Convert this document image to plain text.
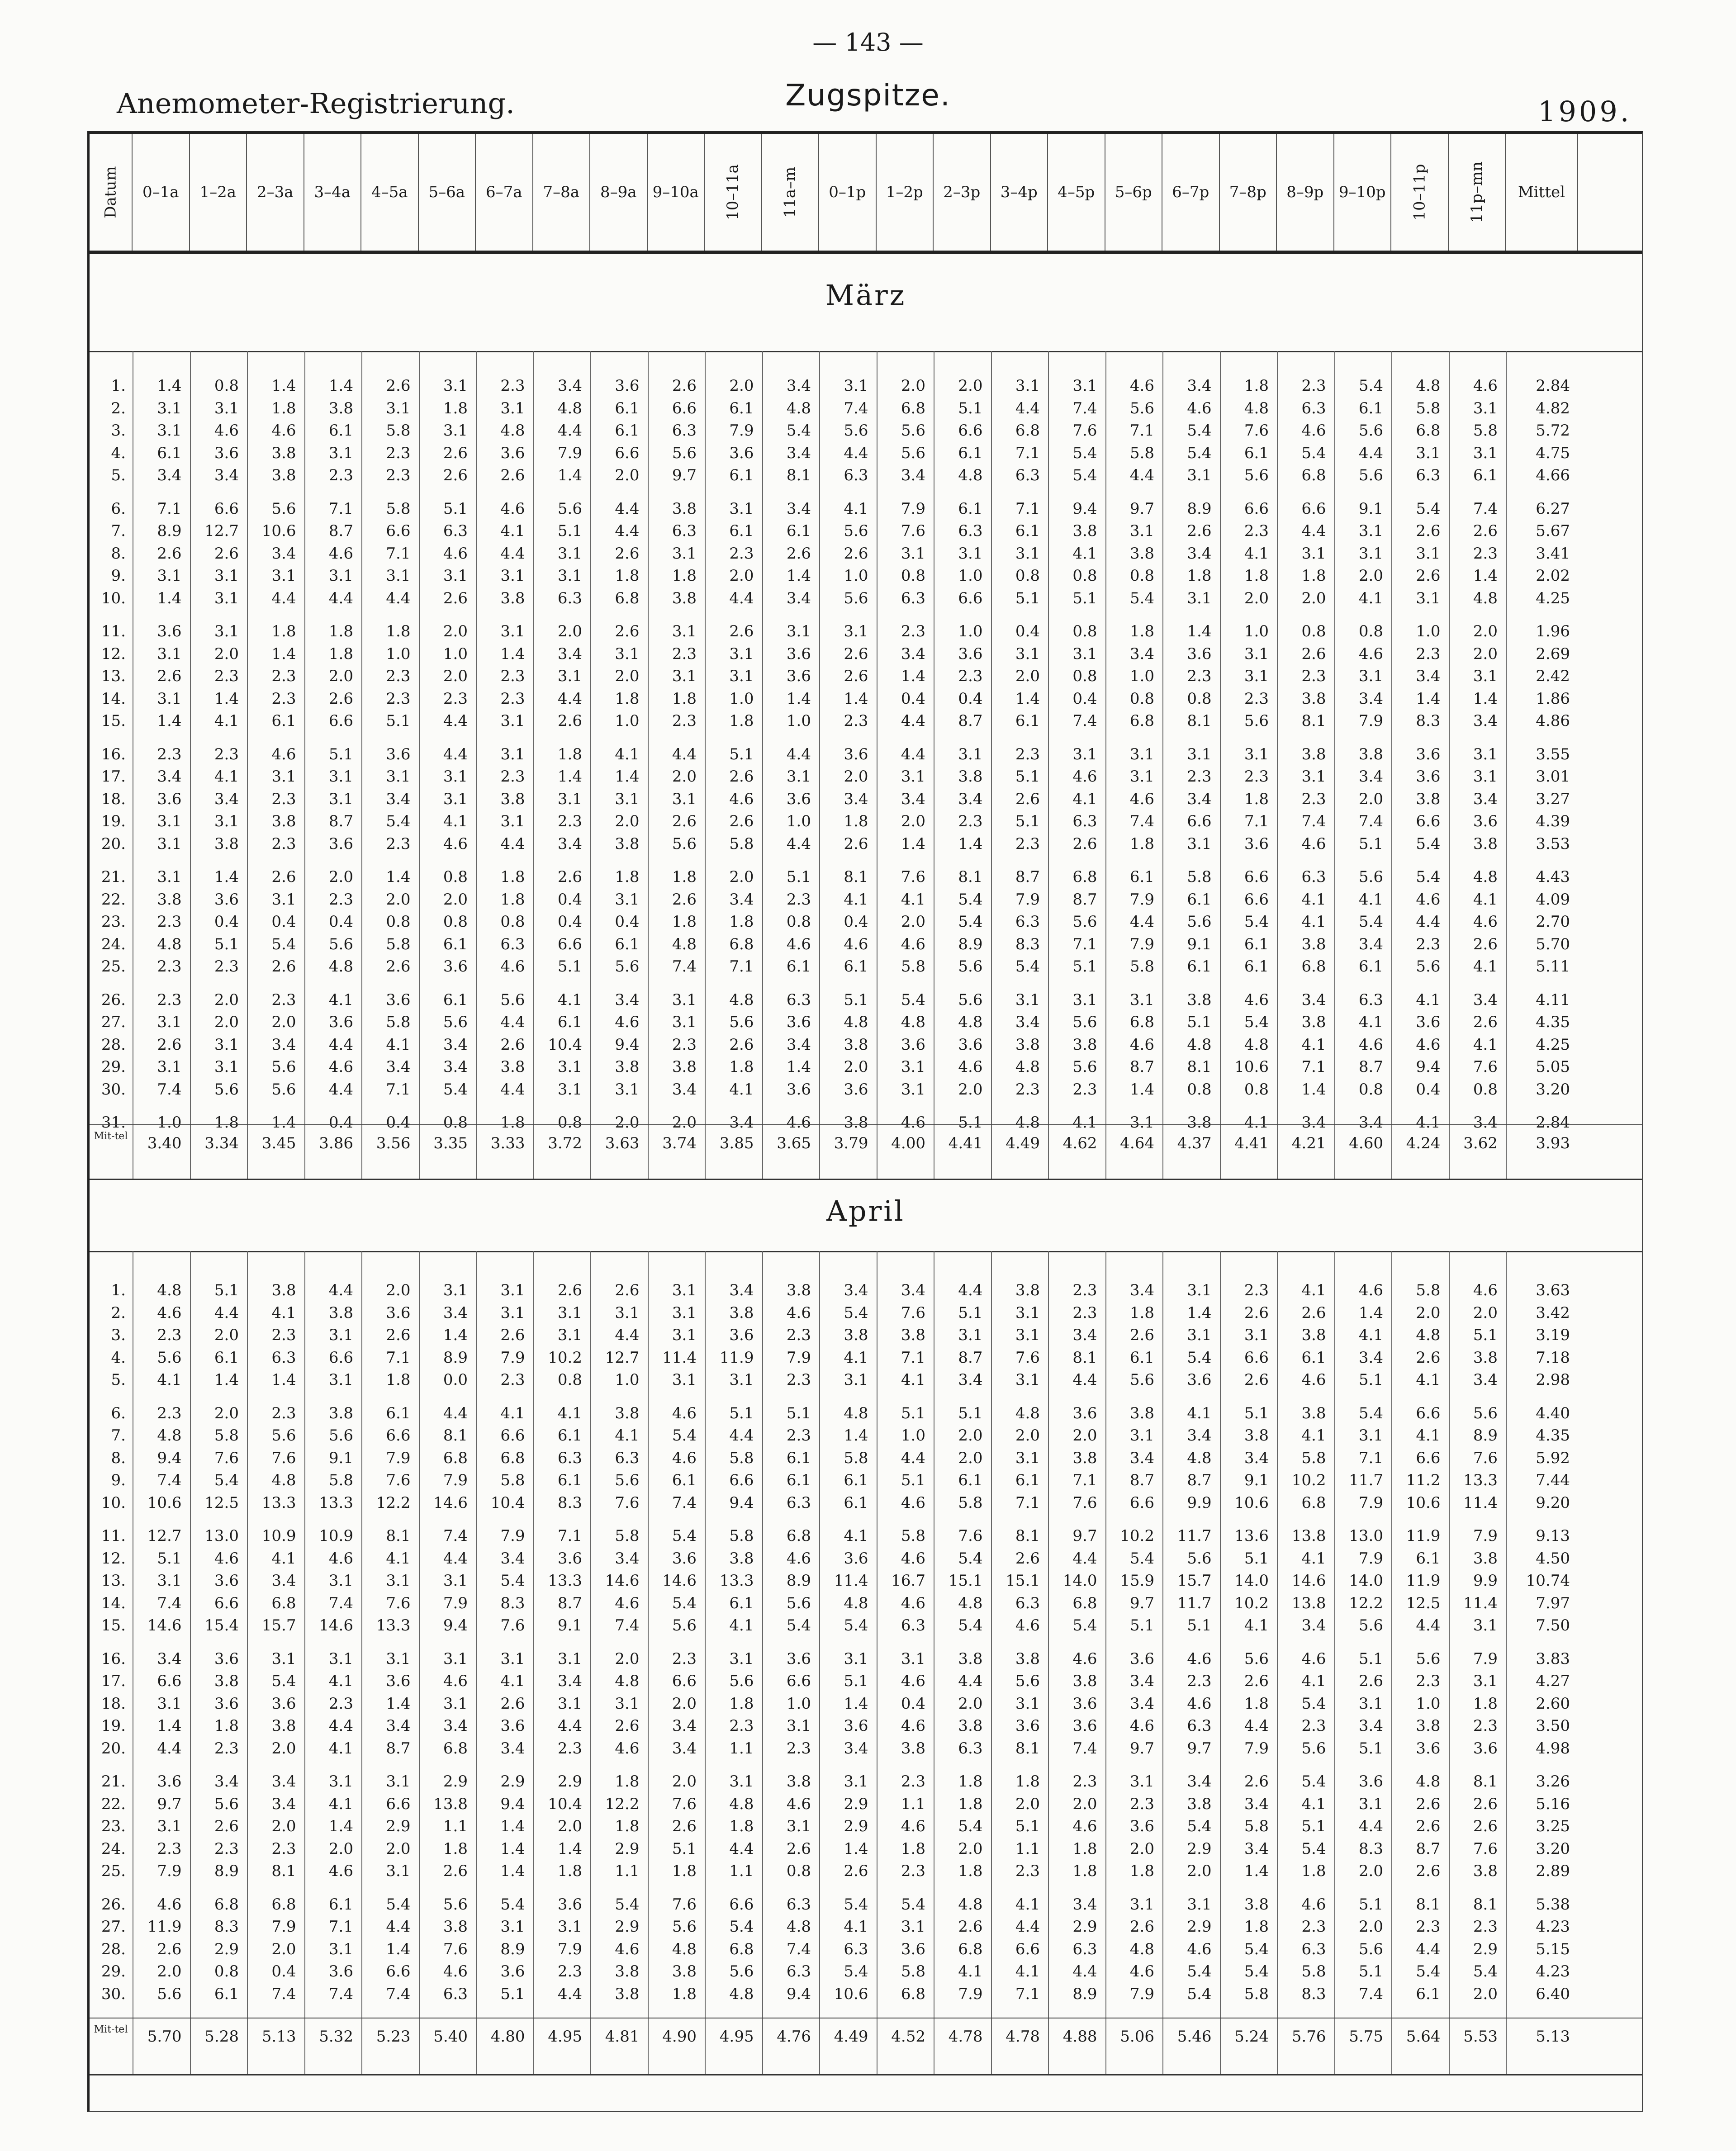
— 143 —
Anemometer-Registrierung.	Zugspitze.	1909.
Datum 0–1a 1–2a 2–3a 3–4a 4–5a 5–6a 6–7a 7–8a 8–9a 9–10a 10–11a	11a–m 0–1p 1–2p 2–3p 3–4p 4–5p 5–6p 6–7p 7–8p 8–9p 9–10p 10–11p	11p–mn Mittel
März
1.	1.4	0.8	1.4	1.4	2.6	3.1	2.3	3.4	3.6	2.6	2.0	3.4	3.1	2.0	2.0	3.1	3.1	4.6	3.4	1.8	2.3	5.4	4.8	4.6	2.84
2.	3.1	3.1	1.8	3.8	3.1	1.8	3.1	4.8	6.1	6.6	6.1	4.8	7.4	6.8	5.1	4.4	7.4	5.6	4.6	4.8	6.3	6.1	5.8	3.1	4.82
3.	3.1	4.6	4.6	6.1	5.8	3.1	4.8	4.4	6.1	6.3	7.9	5.4	5.6	5.6	6.6	6.8	7.6	7.1	5.4	7.6	4.6	5.6	6.8	5.8	5.72
4.	6.1	3.6	3.8	3.1	2.3	2.6	3.6	7.9	6.6	5.6	3.6	3.4	4.4	5.6	6.1	7.1	5.4	5.8	5.4	6.1	5.4	4.4	3.1	3.1	4.75
5.	3.4	3.4	3.8	2.3	2.3	2.6	2.6	1.4	2.0	9.7	6.1	8.1	6.3	3.4	4.8	6.3	5.4	4.4	3.1	5.6	6.8	5.6	6.3	6.1	4.66
6.	7.1	6.6	5.6	7.1	5.8	5.1	4.6	5.6	4.4	3.8	3.1	3.4	4.1	7.9	6.1	7.1	9.4	9.7	8.9	6.6	6.6	9.1	5.4	7.4	6.27
7.	8.9	12.7	10.6	8.7	6.6	6.3	4.1	5.1	4.4	6.3	6.1	6.1	5.6	7.6	6.3	6.1	3.8	3.1	2.6	2.3	4.4	3.1	2.6	2.6	5.67
8.	2.6	2.6	3.4	4.6	7.1	4.6	4.4	3.1	2.6	3.1	2.3	2.6	2.6	3.1	3.1	3.1	4.1	3.8	3.4	4.1	3.1	3.1	3.1	2.3	3.41
9.	3.1	3.1	3.1	3.1	3.1	3.1	3.1	3.1	1.8	1.8	2.0	1.4	1.0	0.8	1.0	0.8	0.8	0.8	1.8	1.8	1.8	2.0	2.6	1.4	2.02
10.	1.4	3.1	4.4	4.4	4.4	2.6	3.8	6.3	6.8	3.8	4.4	3.4	5.6	6.3	6.6	5.1	5.1	5.4	3.1	2.0	2.0	4.1	3.1	4.8	4.25
11.	3.6	3.1	1.8	1.8	1.8	2.0	3.1	2.0	2.6	3.1	2.6	3.1	3.1	2.3	1.0	0.4	0.8	1.8	1.4	1.0	0.8	0.8	1.0	2.0	1.96
12.	3.1	2.0	1.4	1.8	1.0	1.0	1.4	3.4	3.1	2.3	3.1	3.6	2.6	3.4	3.6	3.1	3.1	3.4	3.6	3.1	2.6	4.6	2.3	2.0	2.69
13.	2.6	2.3	2.3	2.0	2.3	2.0	2.3	3.1	2.0	3.1	3.1	3.6	2.6	1.4	2.3	2.0	0.8	1.0	2.3	3.1	2.3	3.1	3.4	3.1	2.42
14.	3.1	1.4	2.3	2.6	2.3	2.3	2.3	4.4	1.8	1.8	1.0	1.4	1.4	0.4	0.4	1.4	0.4	0.8	0.8	2.3	3.8	3.4	1.4	1.4	1.86
15.	1.4	4.1	6.1	6.6	5.1	4.4	3.1	2.6	1.0	2.3	1.8	1.0	2.3	4.4	8.7	6.1	7.4	6.8	8.1	5.6	8.1	7.9	8.3	3.4	4.86
16.	2.3	2.3	4.6	5.1	3.6	4.4	3.1	1.8	4.1	4.4	5.1	4.4	3.6	4.4	3.1	2.3	3.1	3.1	3.1	3.1	3.8	3.8	3.6	3.1	3.55
17.	3.4	4.1	3.1	3.1	3.1	3.1	2.3	1.4	1.4	2.0	2.6	3.1	2.0	3.1	3.8	5.1	4.6	3.1	2.3	2.3	3.1	3.4	3.6	3.1	3.01
18.	3.6	3.4	2.3	3.1	3.4	3.1	3.8	3.1	3.1	3.1	4.6	3.6	3.4	3.4	3.4	2.6	4.1	4.6	3.4	1.8	2.3	2.0	3.8	3.4	3.27
19.	3.1	3.1	3.8	8.7	5.4	4.1	3.1	2.3	2.0	2.6	2.6	1.0	1.8	2.0	2.3	5.1	6.3	7.4	6.6	7.1	7.4	7.4	6.6	3.6	4.39
20.	3.1	3.8	2.3	3.6	2.3	4.6	4.4	3.4	3.8	5.6	5.8	4.4	2.6	1.4	1.4	2.3	2.6	1.8	3.1	3.6	4.6	5.1	5.4	3.8	3.53
21.	3.1	1.4	2.6	2.0	1.4	0.8	1.8	2.6	1.8	1.8	2.0	5.1	8.1	7.6	8.1	8.7	6.8	6.1	5.8	6.6	6.3	5.6	5.4	4.8	4.43
22.	3.8	3.6	3.1	2.3	2.0	2.0	1.8	0.4	3.1	2.6	3.4	2.3	4.1	4.1	5.4	7.9	8.7	7.9	6.1	6.6	4.1	4.1	4.6	4.1	4.09
23.	2.3	0.4	0.4	0.4	0.8	0.8	0.8	0.4	0.4	1.8	1.8	0.8	0.4	2.0	5.4	6.3	5.6	4.4	5.6	5.4	4.1	5.4	4.4	4.6	2.70
24.	4.8	5.1	5.4	5.6	5.8	6.1	6.3	6.6	6.1	4.8	6.8	4.6	4.6	4.6	8.9	8.3	7.1	7.9	9.1	6.1	3.8	3.4	2.3	2.6	5.70
25.	2.3	2.3	2.6	4.8	2.6	3.6	4.6	5.1	5.6	7.4	7.1	6.1	6.1	5.8	5.6	5.4	5.1	5.8	6.1	6.1	6.8	6.1	5.6	4.1	5.11
26.	2.3	2.0	2.3	4.1	3.6	6.1	5.6	4.1	3.4	3.1	4.8	6.3	5.1	5.4	5.6	3.1	3.1	3.1	3.8	4.6	3.4	6.3	4.1	3.4	4.11
27.	3.1	2.0	2.0	3.6	5.8	5.6	4.4	6.1	4.6	3.1	5.6	3.6	4.8	4.8	4.8	3.4	5.6	6.8	5.1	5.4	3.8	4.1	3.6	2.6	4.35
28.	2.6	3.1	3.4	4.4	4.1	3.4	2.6	10.4	9.4	2.3	2.6	3.4	3.8	3.6	3.6	3.8	3.8	4.6	4.8	4.8	4.1	4.6	4.6	4.1	4.25
29.	3.1	3.1	5.6	4.6	3.4	3.4	3.8	3.1	3.8	3.8	1.8	1.4	2.0	3.1	4.6	4.8	5.6	8.7	8.1	10.6	7.1	8.7	9.4	7.6	5.05
30.	7.4	5.6	5.6	4.4	7.1	5.4	4.4	3.1	3.1	3.4	4.1	3.6	3.6	3.1	2.0	2.3	2.3	1.4	0.8	0.8	1.4	0.8	0.4	0.8	3.20
31.	1.0	1.8	1.4	0.4	0.4	0.8	1.8	0.8	2.0	2.0	3.4	4.6	3.8	4.6	5.1	4.8	4.1	3.1	3.8	4.1	3.4	3.4	4.1	3.4	2.84
Mit-tel	3.40	3.34	3.45	3.86	3.56	3.35	3.33	3.72	3.63	3.74	3.85	3.65	3.79	4.00	4.41	4.49	4.62	4.64	4.37	4.41	4.21	4.60	4.24	3.62	3.93
April
1.	4.8	5.1	3.8	4.4	2.0	3.1	3.1	2.6	2.6	3.1	3.4	3.8	3.4	3.4	4.4	3.8	2.3	3.4	3.1	2.3	4.1	4.6	5.8	4.6	3.63
2.	4.6	4.4	4.1	3.8	3.6	3.4	3.1	3.1	3.1	3.1	3.8	4.6	5.4	7.6	5.1	3.1	2.3	1.8	1.4	2.6	2.6	1.4	2.0	2.0	3.42
3.	2.3	2.0	2.3	3.1	2.6	1.4	2.6	3.1	4.4	3.1	3.6	2.3	3.8	3.8	3.1	3.1	3.4	2.6	3.1	3.1	3.8	4.1	4.8	5.1	3.19
4.	5.6	6.1	6.3	6.6	7.1	8.9	7.9	10.2	12.7	11.4	11.9	7.9	4.1	7.1	8.7	7.6	8.1	6.1	5.4	6.6	6.1	3.4	2.6	3.8	7.18
5.	4.1	1.4	1.4	3.1	1.8	0.0	2.3	0.8	1.0	3.1	3.1	2.3	3.1	4.1	3.4	3.1	4.4	5.6	3.6	2.6	4.6	5.1	4.1	3.4	2.98
6.	2.3	2.0	2.3	3.8	6.1	4.4	4.1	4.1	3.8	4.6	5.1	5.1	4.8	5.1	5.1	4.8	3.6	3.8	4.1	5.1	3.8	5.4	6.6	5.6	4.40
7.	4.8	5.8	5.6	5.6	6.6	8.1	6.6	6.1	4.1	5.4	4.4	2.3	1.4	1.0	2.0	2.0	2.0	3.1	3.4	3.8	4.1	3.1	4.1	8.9	4.35
8.	9.4	7.6	7.6	9.1	7.9	6.8	6.8	6.3	6.3	4.6	5.8	6.1	5.8	4.4	2.0	3.1	3.8	3.4	4.8	3.4	5.8	7.1	6.6	7.6	5.92
9.	7.4	5.4	4.8	5.8	7.6	7.9	5.8	6.1	5.6	6.1	6.6	6.1	6.1	5.1	6.1	6.1	7.1	8.7	8.7	9.1	10.2	11.7	11.2	13.3	7.44
10.	10.6	12.5	13.3	13.3	12.2	14.6	10.4	8.3	7.6	7.4	9.4	6.3	6.1	4.6	5.8	7.1	7.6	6.6	9.9	10.6	6.8	7.9	10.6	11.4	9.20
11.	12.7	13.0	10.9	10.9	8.1	7.4	7.9	7.1	5.8	5.4	5.8	6.8	4.1	5.8	7.6	8.1	9.7	10.2	11.7	13.6	13.8	13.0	11.9	7.9	9.13
12.	5.1	4.6	4.1	4.6	4.1	4.4	3.4	3.6	3.4	3.6	3.8	4.6	3.6	4.6	5.4	2.6	4.4	5.4	5.6	5.1	4.1	7.9	6.1	3.8	4.50
13.	3.1	3.6	3.4	3.1	3.1	3.1	5.4	13.3	14.6	14.6	13.3	8.9	11.4	16.7	15.1	15.1	14.0	15.9	15.7	14.0	14.6	14.0	11.9	9.9	10.74
14.	7.4	6.6	6.8	7.4	7.6	7.9	8.3	8.7	4.6	5.4	6.1	5.6	4.8	4.6	4.8	6.3	6.8	9.7	11.7	10.2	13.8	12.2	12.5	11.4	7.97
15.	14.6	15.4	15.7	14.6	13.3	9.4	7.6	9.1	7.4	5.6	4.1	5.4	5.4	6.3	5.4	4.6	5.4	5.1	5.1	4.1	3.4	5.6	4.4	3.1	7.50
16.	3.4	3.6	3.1	3.1	3.1	3.1	3.1	3.1	2.0	2.3	3.1	3.6	3.1	3.1	3.8	3.8	4.6	3.6	4.6	5.6	4.6	5.1	5.6	7.9	3.83
17.	6.6	3.8	5.4	4.1	3.6	4.6	4.1	3.4	4.8	6.6	5.6	6.6	5.1	4.6	4.4	5.6	3.8	3.4	2.3	2.6	4.1	2.6	2.3	3.1	4.27
18.	3.1	3.6	3.6	2.3	1.4	3.1	2.6	3.1	3.1	2.0	1.8	1.0	1.4	0.4	2.0	3.1	3.6	3.4	4.6	1.8	5.4	3.1	1.0	1.8	2.60
19.	1.4	1.8	3.8	4.4	3.4	3.4	3.6	4.4	2.6	3.4	2.3	3.1	3.6	4.6	3.8	3.6	3.6	4.6	6.3	4.4	2.3	3.4	3.8	2.3	3.50
20.	4.4	2.3	2.0	4.1	8.7	6.8	3.4	2.3	4.6	3.4	1.1	2.3	3.4	3.8	6.3	8.1	7.4	9.7	9.7	7.9	5.6	5.1	3.6	3.6	4.98
21.	3.6	3.4	3.4	3.1	3.1	2.9	2.9	2.9	1.8	2.0	3.1	3.8	3.1	2.3	1.8	1.8	2.3	3.1	3.4	2.6	5.4	3.6	4.8	8.1	3.26
22.	9.7	5.6	3.4	4.1	6.6	13.8	9.4	10.4	12.2	7.6	4.8	4.6	2.9	1.1	1.8	2.0	2.0	2.3	3.8	3.4	4.1	3.1	2.6	2.6	5.16
23.	3.1	2.6	2.0	1.4	2.9	1.1	1.4	2.0	1.8	2.6	1.8	3.1	2.9	4.6	5.4	5.1	4.6	3.6	5.4	5.8	5.1	4.4	2.6	2.6	3.25
24.	2.3	2.3	2.3	2.0	2.0	1.8	1.4	1.4	2.9	5.1	4.4	2.6	1.4	1.8	2.0	1.1	1.8	2.0	2.9	3.4	5.4	8.3	8.7	7.6	3.20
25.	7.9	8.9	8.1	4.6	3.1	2.6	1.4	1.8	1.1	1.8	1.1	0.8	2.6	2.3	1.8	2.3	1.8	1.8	2.0	1.4	1.8	2.0	2.6	3.8	2.89
26.	4.6	6.8	6.8	6.1	5.4	5.6	5.4	3.6	5.4	7.6	6.6	6.3	5.4	5.4	4.8	4.1	3.4	3.1	3.1	3.8	4.6	5.1	8.1	8.1	5.38
27.	11.9	8.3	7.9	7.1	4.4	3.8	3.1	3.1	2.9	5.6	5.4	4.8	4.1	3.1	2.6	4.4	2.9	2.6	2.9	1.8	2.3	2.0	2.3	2.3	4.23
28.	2.6	2.9	2.0	3.1	1.4	7.6	8.9	7.9	4.6	4.8	6.8	7.4	6.3	3.6	6.8	6.6	6.3	4.8	4.6	5.4	6.3	5.6	4.4	2.9	5.15
29.	2.0	0.8	0.4	3.6	6.6	4.6	3.6	2.3	3.8	3.8	5.6	6.3	5.4	5.8	4.1	4.1	4.4	4.6	5.4	5.4	5.8	5.1	5.4	5.4	4.23
30.	5.6	6.1	7.4	7.4	7.4	6.3	5.1	4.4	3.8	1.8	4.8	9.4	10.6	6.8	7.9	7.1	8.9	7.9	5.4	5.8	8.3	7.4	6.1	2.0	6.40
Mit-tel	5.70	5.28	5.13	5.32	5.23	5.40	4.80	4.95	4.81	4.90	4.95	4.76	4.49	4.52	4.78	4.78	4.88	5.06	5.46	5.24	5.76	5.75	5.64	5.53	5.13
